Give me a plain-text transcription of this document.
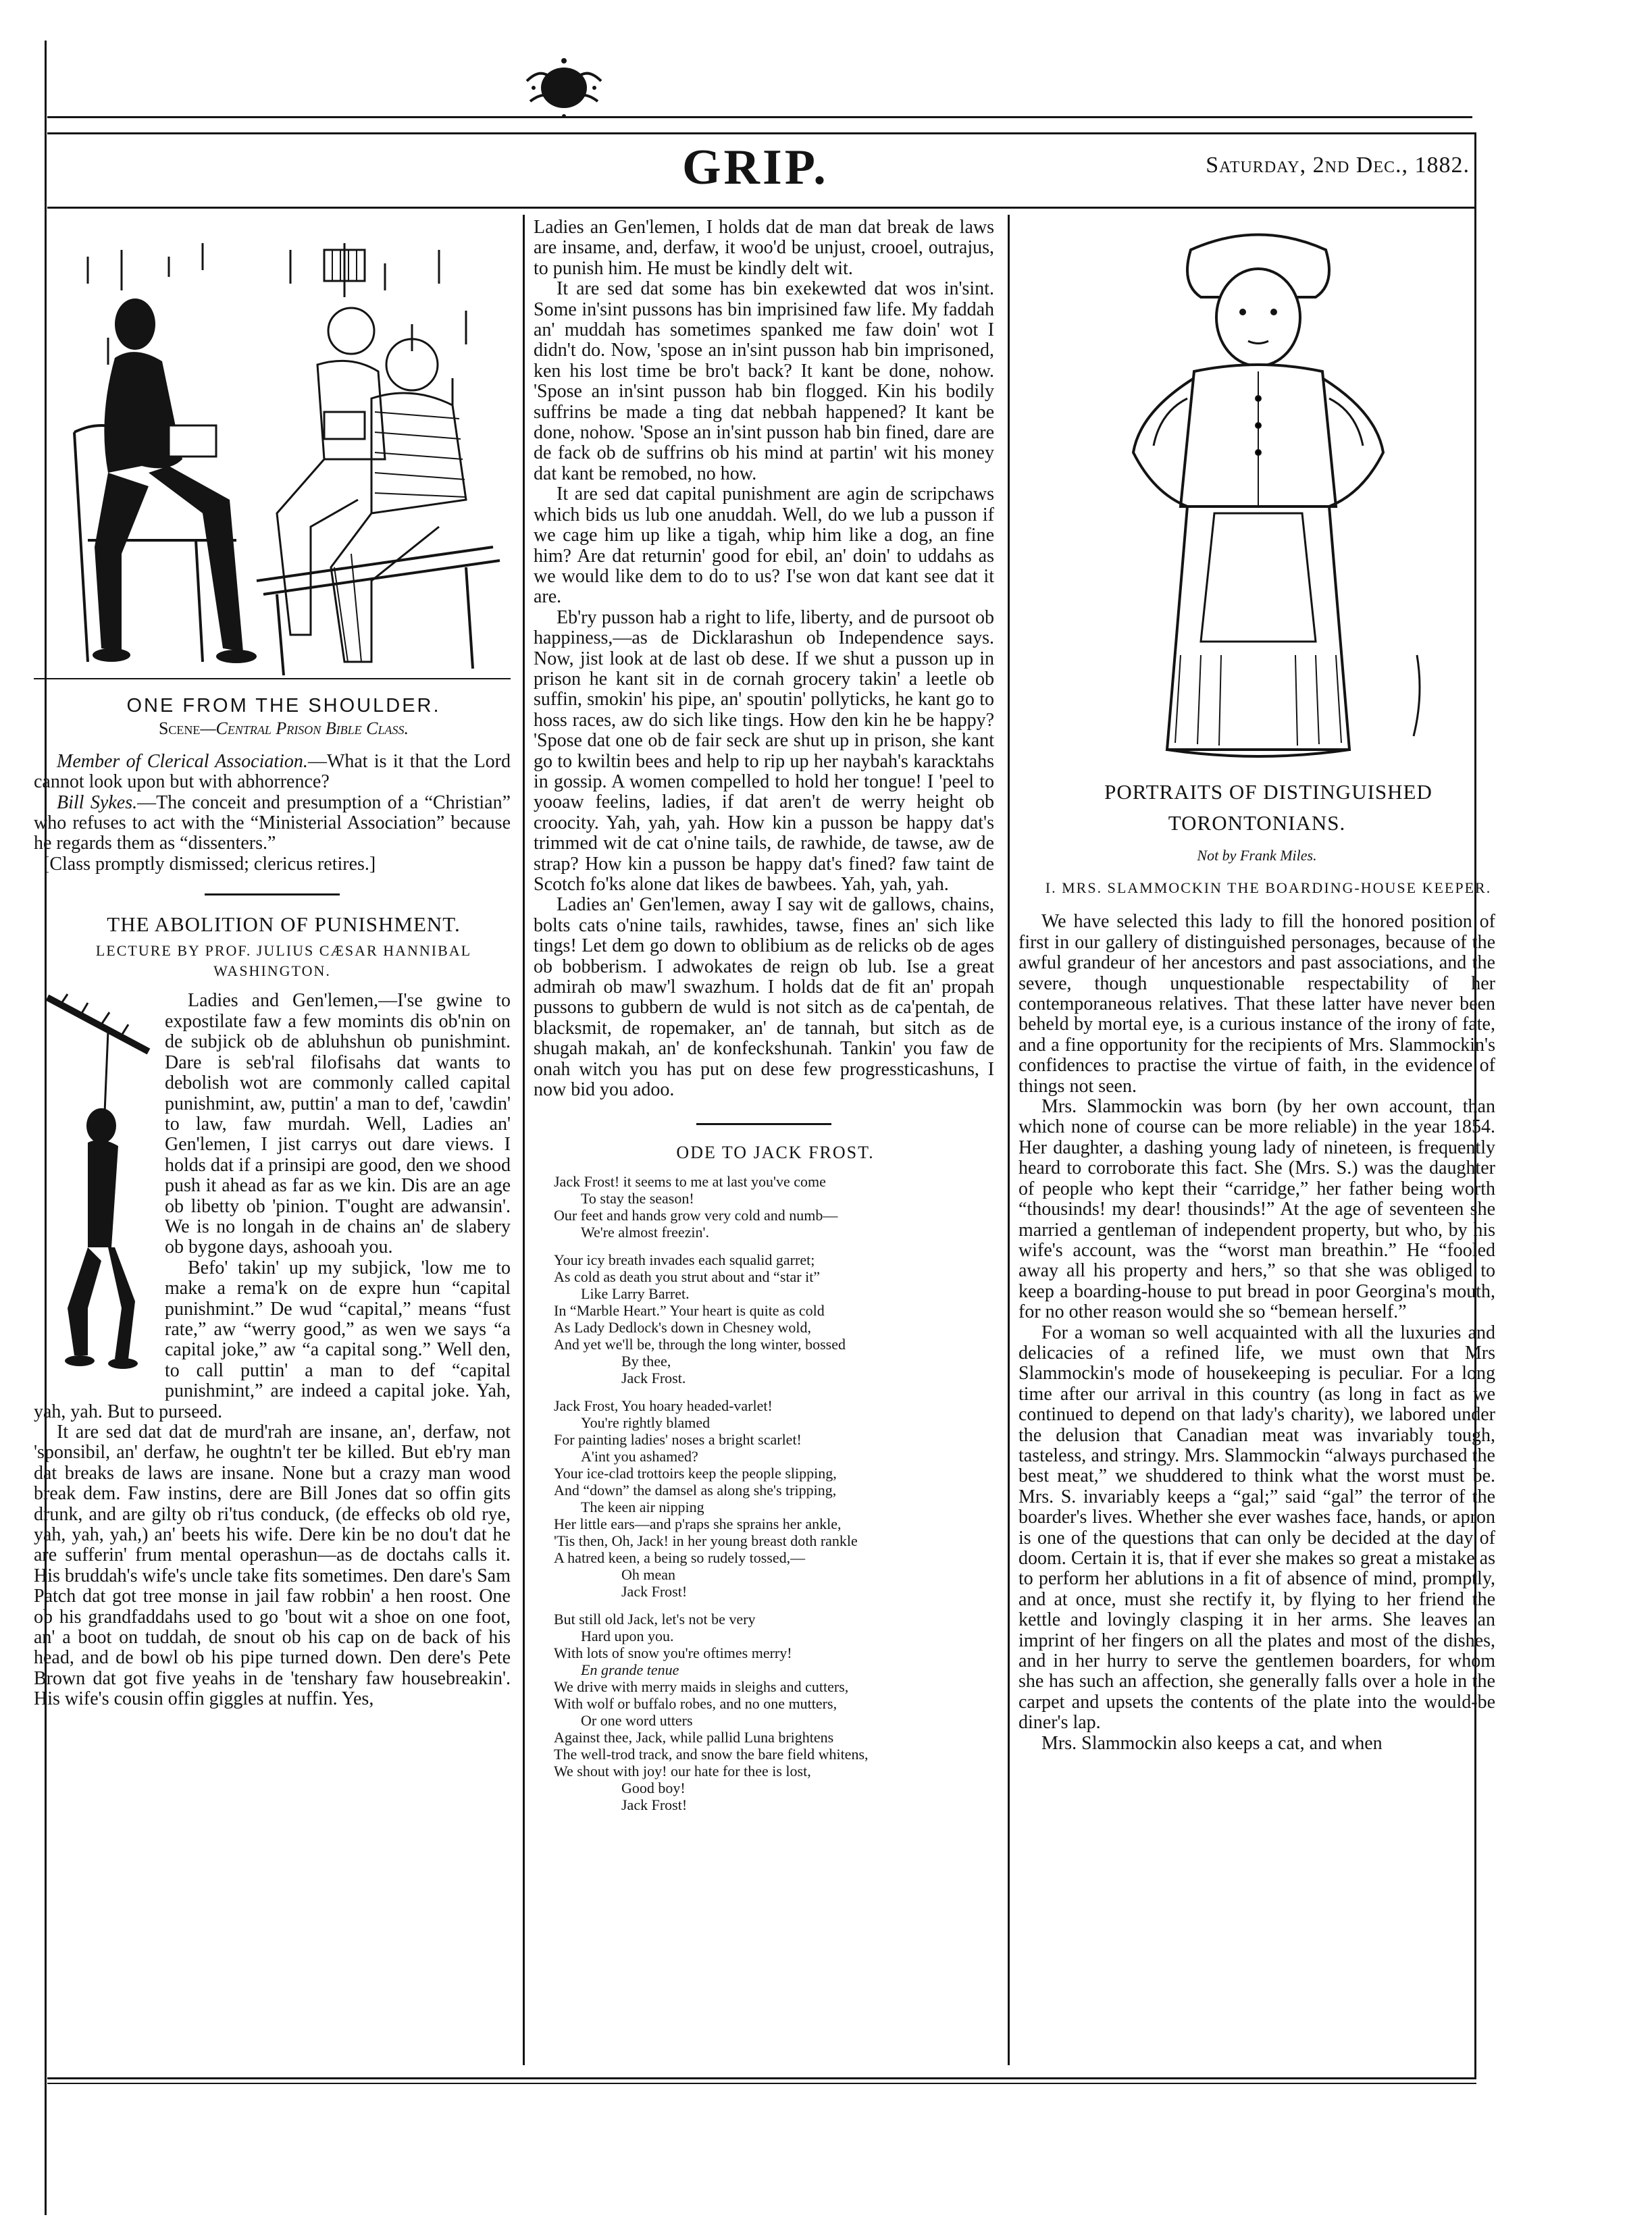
GRIP.	Saturday, 2nd Dec., 1882.

ONE FROM THE SHOULDER.

Scene—Central Prison Bible Class.

Member of Clerical Association.—What is it that the Lord cannot look upon but with abhorrence?

Bill Sykes.—The conceit and presumption of a “Christian” who refuses to act with the “Ministerial Association” because he regards them as “dissenters.”

[Class promptly dismissed; clericus retires.]

THE ABOLITION OF PUNISHMENT.

LECTURE BY PROF. JULIUS CÆSAR HANNIBAL WASHINGTON.

Ladies and Gen'lemen,—I'se gwine to expostilate faw a few momints dis ob'nin on de subjick ob de abluhshun ob punishmint. Dare is seb'ral filofisahs dat wants to debolish wot are commonly called capital punishmint, aw, puttin' a man to def, 'cawdin' to law, faw murdah. Well, Ladies an' Gen'lemen, I jist carrys out dare views. I holds dat if a prinsipi are good, den we shood push it ahead as far as we kin. Dis are an age ob libetty ob 'pinion. T'ought are adwansin'. We is no longah in de chains an' de slabery ob bygone days, ashooah you.

Befo' takin' up my subjick, 'low me to make a rema'k on de expre hun “capital punishmint.” De wud “capital,” means “fust rate,” aw “werry good,” as wen we says “a capital joke,” aw “a capital song.” Well den, to call puttin' a man to def “capital punishmint,” are indeed a capital joke. Yah, yah, yah. But to purseed.

It are sed dat dat de murd'rah are insane, an', derfaw, not 'sponsibil, an' derfaw, he oughtn't ter be killed. But eb'ry man dat breaks de laws are insane. None but a crazy man wood break dem. Faw instins, dere are Bill Jones dat so offin gits drunk, and are gilty ob ri'tus conduck, (de effecks ob old rye, yah, yah, yah,) an' beets his wife. Dere kin be no dou't dat he are sufferin' frum mental operashun—as de doctahs calls it. His bruddah's wife's uncle take fits sometimes. Den dare's Sam Patch dat got tree monse in jail faw robbin' a hen roost. One ob his grandfaddahs used to go 'bout wit a shoe on one foot, an' a boot on tuddah, de snout ob his cap on de back of his head, and de bowl ob his pipe turned down. Den dere's Pete Brown dat got five yeahs in de 'tenshary faw housebreakin'. His wife's cousin offin giggles at nuffin. Yes,

Ladies an Gen'lemen, I holds dat de man dat break de laws are insame, and, derfaw, it woo'd be unjust, crooel, outrajus, to punish him. He must be kindly delt wit.

It are sed dat some has bin exekewted dat wos in'sint. Some in'sint pussons has bin imprisined faw life. My faddah an' muddah has sometimes spanked me faw doin' wot I didn't do. Now, 'spose an in'sint pusson hab bin imprisoned, ken his lost time be bro't back? It kant be done, nohow. 'Spose an in'sint pusson hab bin flogged. Kin his bodily suffrins be made a ting dat nebbah happened? It kant be done, nohow. 'Spose an in'sint pusson hab bin fined, dare are de fack ob de suffrins ob his mind at partin' wit his money dat kant be remobed, no how.

It are sed dat capital punishment are agin de scripchaws which bids us lub one anuddah. Well, do we lub a pusson if we cage him up like a tigah, whip him like a dog, an fine him? Are dat returnin' good for ebil, an' doin' to uddahs as we would like dem to do to us? I'se won dat kant see dat it are.

Eb'ry pusson hab a right to life, liberty, and de pursoot ob happiness,—as de Dicklarashun ob Independence says. Now, jist look at de last ob dese. If we shut a pusson up in prison he kant sit in de cornah grocery takin' a leetle ob suffin, smokin' his pipe, an' spoutin' pollyticks, he kant go to hoss races, aw do sich like tings. How den kin he be happy? 'Spose dat one ob de fair seck are shut up in prison, she kant go to kwiltin bees and help to rip up her naybah's karacktahs in gossip. A women compelled to hold her tongue! I 'peel to yooaw feelins, ladies, if dat aren't de werry height ob croocity. Yah, yah, yah. How kin a pusson be happy dat's trimmed wit de cat o'nine tails, de rawhide, de tawse, aw de strap? How kin a pusson be happy dat's fined? faw taint de Scotch fo'ks alone dat likes de bawbees. Yah, yah, yah.

Ladies an' Gen'lemen, away I say wit de gallows, chains, bolts cats o'nine tails, rawhides, tawse, fines an' sich like tings! Let dem go down to oblibium as de relicks ob de ages ob bobberism. I adwokates de reign ob lub. Ise a great admirah ob maw'l swazhum. I holds dat de fit an' propah pussons to gubbern de wuld is not sitch as de ca'pentah, de blacksmit, de ropemaker, an' de tannah, but sitch as de shugah makah, an' de konfeckshunah. Tankin' you faw de onah witch you has put on dese few progressticashuns, I now bid you adoo.

ODE TO JACK FROST.

Jack Frost! it seems to me at last you've come
To stay the season!
Our feet and hands grow very cold and numb—
We're almost freezin'.
Your icy breath invades each squalid garret;
As cold as death you strut about and “star it”
Like Larry Barret.
In “Marble Heart.” Your heart is quite as cold
As Lady Dedlock's down in Chesney wold,
And yet we'll be, through the long winter, bossed
By thee,
Jack Frost.
Jack Frost, You hoary headed-varlet!
You're rightly blamed
For painting ladies' noses a bright scarlet!
A'int you ashamed?
Your ice-clad trottoirs keep the people slipping,
And “down” the damsel as along she's tripping,
The keen air nipping
Her little ears—and p'raps she sprains her ankle,
'Tis then, Oh, Jack! in her young breast doth rankle
A hatred keen, a being so rudely tossed,—
Oh mean
Jack Frost!
But still old Jack, let's not be very
Hard upon you.
With lots of snow you're oftimes merry!
En grande tenue
We drive with merry maids in sleighs and cutters,
With wolf or buffalo robes, and no one mutters,
Or one word utters
Against thee, Jack, while pallid Luna brightens
The well-trod track, and snow the bare field whitens,
We shout with joy! our hate for thee is lost,
Good boy!
Jack Frost!

PORTRAITS OF DISTINGUISHED TORONTONIANS.

Not by Frank Miles.

I. MRS. SLAMMOCKIN THE BOARDING-HOUSE KEEPER.

We have selected this lady to fill the honored position of first in our gallery of distinguished personages, because of the awful grandeur of her ancestors and past associations, and the severe, though unquestionable respectability of her contemporaneous relatives. That these latter have never been beheld by mortal eye, is a curious instance of the irony of fate, and a fine opportunity for the recipients of Mrs. Slammockin's confidences to practise the virtue of faith, in the evidence of things not seen.

Mrs. Slammockin was born (by her own account, than which none of course can be more reliable) in the year 1854. Her daughter, a dashing young lady of nineteen, is frequently heard to corroborate this fact. She (Mrs. S.) was the daughter of people who kept their “carridge,” her father being worth “thousinds! my dear! thousinds!” At the age of seventeen she married a gentleman of independent property, but who, by his wife's account, was the “worst man breathin.” He “fooled away all his property and hers,” so that she was obliged to keep a boarding-house to put bread in poor Georgina's mouth, for no other reason would she so “bemean herself.”

For a woman so well acquainted with all the luxuries and delicacies of a refined life, we must own that Mrs Slammockin's mode of housekeeping is peculiar. For a long time after our arrival in this country (as long in fact as we continued to depend on that lady's charity), we labored under the delusion that Canadian meat was invariably tough, tasteless, and stringy. Mrs. Slammockin “always purchased the best meat,” we shuddered to think what the worst must be. Mrs. S. invariably keeps a “gal;” said “gal” the terror of the boarder's lives. Whether she ever washes face, hands, or apron is one of the questions that can only be decided at the day of doom. Certain it is, that if ever she makes so great a mistake as to perform her ablutions in a fit of absence of mind, promptly, and at once, must she rectify it, by flying to her friend the kettle and lovingly clasping it in her arms. She leaves an imprint of her fingers on all the plates and most of the dishes, and in her hurry to serve the gentlemen boarders, for whom she has such an affection, she generally falls over a hole in the carpet and upsets the contents of the plate into the would-be diner's lap.

Mrs. Slammockin also keeps a cat, and when
